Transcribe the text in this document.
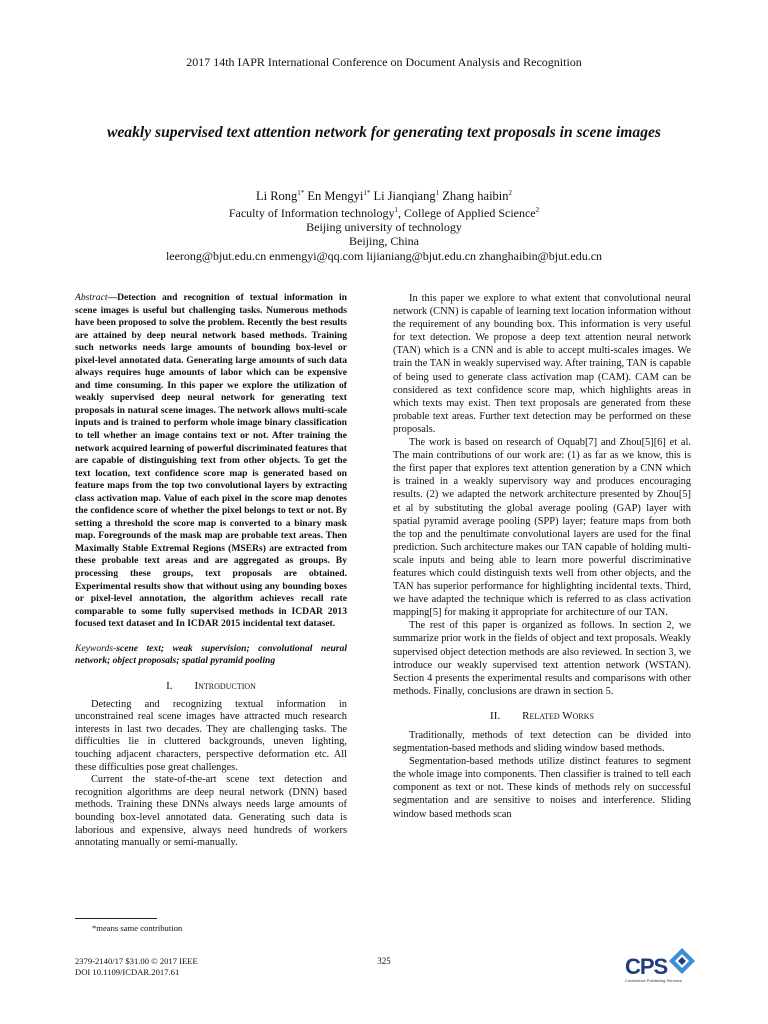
2017 14th IAPR International Conference on Document Analysis and Recognition
weakly supervised text attention network for generating text proposals in scene images
Li Rong$^{1*}$ En Mengyi$^{1*}$ Li Jianqiang$^1$ Zhang haibin$^2$
Faculty of Information technology$^1$, College of Applied Science$^2$
Beijing university of technology
Beijing, China
leerong@bjut.edu.cn enmengyi@qq.com lijianiang@bjut.edu.cn zhanghaibin@bjut.edu.cn
Abstract—Detection and recognition of textual information in scene images is useful but challenging tasks. Numerous methods have been proposed to solve the problem. Recently the best results are attained by deep neural network based methods. Training such networks needs large amounts of bounding box-level or pixel-level annotated data. Generating large amounts of such data always requires huge amounts of labor which can be expensive and time consuming. In this paper we explore the utilization of weakly supervised deep neural network for generating text proposals in natural scene images. The network allows multi-scale inputs and is trained to perform whole image binary classification to tell whether an image contains text or not. After training the network acquired learning of powerful discriminated features that are capable of distinguishing text from other objects. To get the text location, text confidence score map is generated based on feature maps from the top two convolutional layers by extracting class activation map. Value of each pixel in the score map denotes the confidence score of whether the pixel belongs to text or not. By setting a threshold the score map is converted to a binary mask map. Foregrounds of the mask map are probable text areas. Then Maximally Stable Extremal Regions (MSERs) are extracted from these probable text areas and are aggregated as groups. By processing these groups, text proposals are obtained. Experimental results show that without using any bounding boxes or pixel-level annotation, the algorithm achieves recall rate comparable to some fully supervised methods in ICDAR 2013 focused text dataset and In ICDAR 2015 incidental text dataset.
Keywords-scene text; weak supervision; convolutional neural network; object proposals; spatial pyramid pooling
I. Introduction

Detecting and recognizing textual information in unconstrained real scene images have attracted much research interests in last two decades. They are challenging tasks. The difficulties lie in cluttered backgrounds, uneven lighting, touching adjacent characters, perspective deformation etc. All these difficulties pose great challenges.

Current the state-of-the-art scene text detection and recognition algorithms are deep neural network (DNN) based methods. Training these DNNs always needs large amounts of bounding box-level annotated data. Generating such data is laborious and expensive, always need hundreds of workers annotating manually or semi-manually.

In this paper we explore to what extent that convolutional neural network (CNN) is capable of learning text location information without the requirement of any bounding box. This information is very useful for text detection. We propose a deep text attention neural network (TAN) which is a CNN and is able to accept multi-scales images. We train the TAN in weakly supervised way. After training, TAN is capable of being used to generate class activation map (CAM). CAM can be considered as text confidence score map, which highlights areas in which texts may exist. Then text proposals are generated from these probable text areas. Further text detection may be performed on these proposals.

The work is based on research of Oquab[7] and Zhou[5][6] et al. The main contributions of our work are: (1) as far as we know, this is the first paper that explores text attention generation by a CNN which is trained in a weakly supervisory way and produces encouraging results. (2) we adapted the network architecture presented by Zhou[5] et al by substituting the global average pooling (GAP) layer with spatial pyramid average pooling (SPP) layer; feature maps from both the top and the penultimate convolutional layers are used for the final prediction. Such architecture makes our TAN capable of holding multi-scale inputs and being able to learn more powerful discriminative features which could distinguish texts well from other objects, and the TAN has superior performance for highlighting incidental texts. Third, we have adapted the technique which is referred to as class activation mapping[5] for making it appropriate for architecture of our TAN.

The rest of this paper is organized as follows. In section 2, we summarize prior work in the fields of object and text proposals. Weakly supervised object detection methods are also reviewed. In section 3, we introduce our weakly supervised text attention network (WSTAN). Section 4 presents the experimental results and comparisons with other methods. Finally, conclusions are drawn in section 5.

II. Related Works

Traditionally, methods of text detection can be divided into segmentation-based methods and sliding window based methods.

Segmentation-based methods utilize distinct features to segment the whole image into components. Then classifier is trained to tell each component as text or not. These kinds of methods rely on successful segmentation and are sensitive to noises and interference. Sliding window based methods scan

*means same contribution
2379-2140/17 $31.00 © 2017 IEEE
DOI 10.1109/ICDAR.2017.61
325	CPS
Conference Publishing Services
